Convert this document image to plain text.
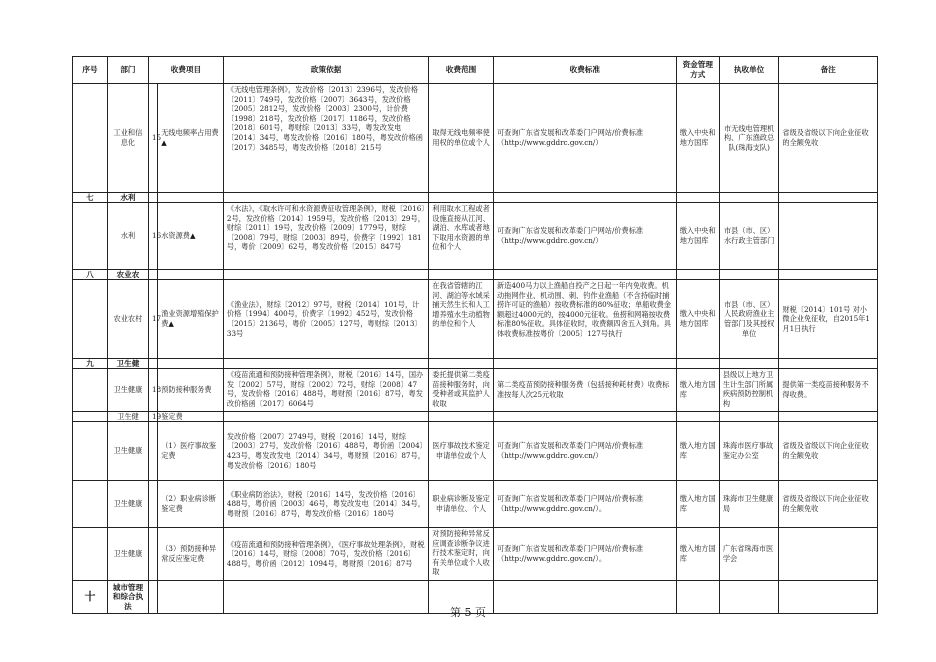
序号	部门	收费项目		政策依据	收费范围	收费标准	资金管理方式	执收单位	备注
	工业和信息化	15	无线电频率占用费▲	《无线电管理条例》，发改价格〔2013〕2396号，发改价格〔2011〕749号，发改价格〔2007〕3643号，发改价格〔2005〕2812号，发改价格〔2003〕2300号，计价费〔1998〕218号，发改价格〔2017〕1186号，发改价格〔2018〕601号，粤财综〔2013〕33号，粤发改发电〔2014〕34号，粤发改价格〔2016〕180号，粤发改价格函〔2017〕3485号，粤发改价格〔2018〕215号	取得无线电频率使用权的单位或个人	可查询广东省发展和改革委门户网站/价费标准（http://www.gddrc.gov.cn/）	缴入中央和地方国库	市无线电管理机构、广东渔政总队(珠海支队)	省级及省级以下向企业征收的全额免收
七	水利								
	水利	16	水资源费▲	《水法》，《取水许可和水资源费征收管理条例》，财税〔2016〕2号，发改价格〔2014〕1959号，发改价格〔2013〕29号，财综〔2011〕19号，发改价格〔2009〕1779号，财综〔2008〕79号，财综〔2003〕89号，价费字〔1992〕181号，粤价〔2009〕62号，粤发改价格〔2015〕847号	利用取水工程或者设施直接从江河、湖泊、水库或者地下取用水资源的单位和个人	可查询广东省发展和改革委门户网站/价费标准（http://www.gddrc.gov.cn/）	缴入中央和地方国库	市县（市、区）水行政主管部门	
八	农业农								
	农业农村	17	渔业资源增殖保护费▲	《渔业法》，财综〔2012〕97号，财税〔2014〕101号，计价格〔1994〕400号，价费字〔1992〕452号，发改价格〔2015〕2136号，粤价〔2005〕127号，粤财综〔2013〕33号	在我省管辖的江河、湖泊等水域采捕天然生长和人工增养殖水生动植物的单位和个人	新造400马力以上渔船自投产之日起一年内免收费。机动拖网作业、机动围、刺、钓作业渔船（不含持临时捕捞许可证的渔船）按收费标准的80%征收；单船收费金额超过4000元的，按4000元征收。鱼捞和网箱按收费标准80%征收。具体征收时，收费额四舍五入到角。具体收费标准按粤价〔2005〕127号执行	缴入中央和地方国库	市县（市、区）人民政府渔业主管部门及其授权单位	财税〔2014〕101号 对小微企业免征收，自2015年1月1日执行
九	卫生健								
	卫生健康	18	预防接种服务费	《疫苗流通和预防接种管理条例》，财税〔2016〕14号，国办发〔2002〕57号，财综〔2002〕72号，财综〔2008〕47号，发改价格〔2016〕488号，粤财预〔2016〕87号，粤发改价格函〔2017〕6064号	委托提供第二类疫苗接种服务时，向受种者或其监护人收取	第二类疫苗预防接种服务费（包括接种耗材费）收费标准按每人次25元收取	缴入地方国库	县级以上地方卫生计生部门所属疾病预防控制机构	提供第一类疫苗接种服务不得收费。
	卫生健	19	鉴定费						
	卫生健康		（1）医疗事故鉴定费	发改价格〔2007〕2749号，财税〔2016〕14号，财综〔2003〕27号，发改价格〔2016〕488号，粤价函〔2004〕423号，粤发改发电〔2014〕34号，粤财预〔2016〕87号，粤发改价格〔2016〕180号	医疗事故技术鉴定申请单位或个人	可查询广东省发展和改革委门户网站/价费标准（http://www.gddrc.gov.cn/）	缴入地方国库	珠海市医疗事故鉴定办公室	省级及省级以下向企业征收的全额免收
	卫生健康		（2）职业病诊断鉴定费	《职业病防治法》，财税〔2016〕14号，发改价格〔2016〕488号，粤价函〔2003〕46号，粤发改发电〔2014〕34号，粤财预〔2016〕87号，粤发改价格〔2016〕180号	职业病诊断及鉴定申请单位、个人	可查询广东省发展和改革委门户网站/价费标准（http://www.gddrc.gov.cn/）。	缴入地方国库	珠海市卫生健康局	省级及省级以下向企业征收的全额免收
	卫生健康		（3）预防接种异常反应鉴定费	《疫苗流通和预防接种管理条例》，《医疗事故处理条例》，财税〔2016〕14号，财综〔2008〕70号，发改价格〔2016〕488号，粤价函〔2012〕1094号，粤财预〔2016〕87号	对预防接种异常反应调查诊断争议进行技术鉴定时，向有关单位或个人收取	可查询广东省发展和改革委门户网站/价费标准（http://www.gddrc.gov.cn/）。	缴入地方国库	广东省珠海市医学会	
十	城市管理和综合执法									第 5 页
